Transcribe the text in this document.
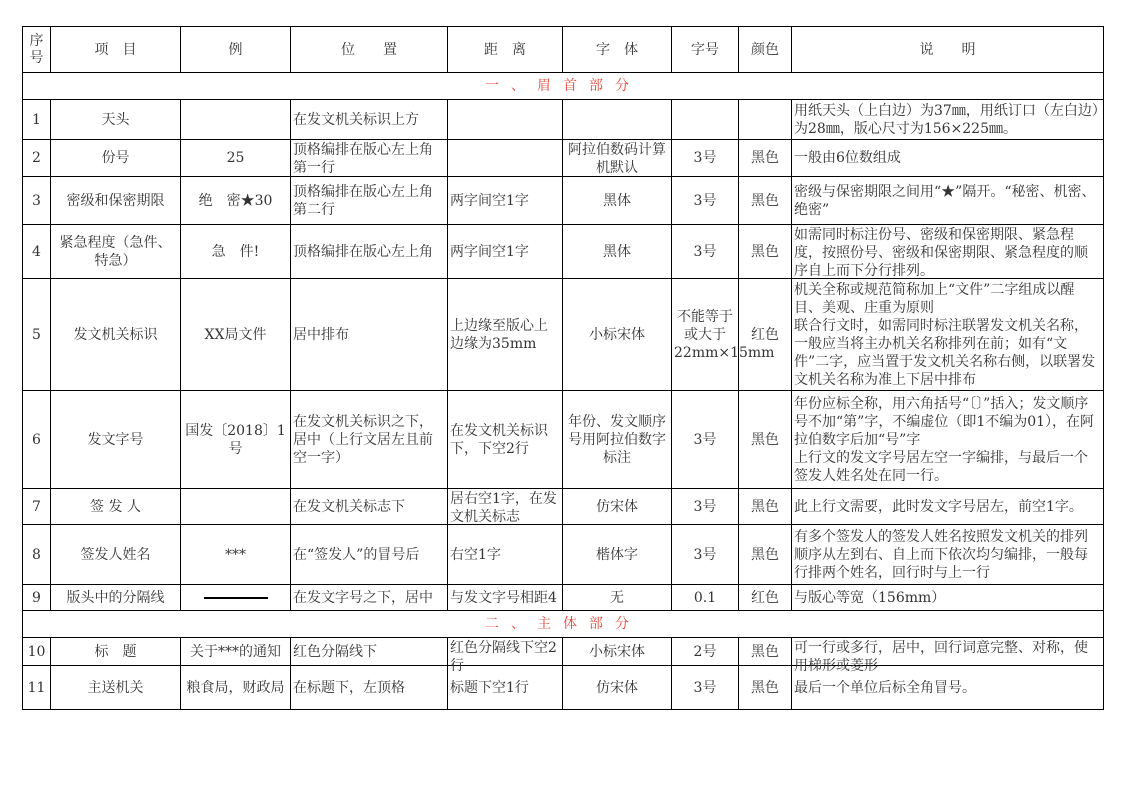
序号	项　目	例	位　　置	距　离	字　体	字号	颜色	说　　明

一、眉首部分								

1	天头		在发文机关标识上方					用纸天头（上白边）为37㎜，用纸订口（左白边）为28㎜，版心尺寸为156×225㎜。

2	份号	25	顶格编排在版心左上角第一行		阿拉伯数码计算机默认	3号	黑色	一般由6位数组成

3	密级和保密期限	绝　密★30	顶格编排在版心左上角第二行	两字间空1字	黑体	3号	黑色	密级与保密期限之间用“★”隔开。“秘密、机密、绝密”

4	紧急程度（急件、特急）	急　件!	顶格编排在版心左上角	两字间空1字	黑体	3号	黑色	如需同时标注份号、密级和保密期限、紧急程度，按照份号、密级和保密期限、紧急程度的顺序自上而下分行排列。

5	发文机关标识	XX局文件	居中排布	上边缘至版心上边缘为35mm	小标宋体	不能等于或大于22mm×15mm	红色	机关全称或规范简称加上“文件”二字组成以醒目、美观、庄重为原则
联合行文时，如需同时标注联署发文机关名称，一般应当将主办机关名称排列在前；如有“文件”二字，应当置于发文机关名称右侧，以联署发文机关名称为准上下居中排布

6	发文字号	国发〔2018〕1号	在发文机关标识之下，居中（上行文居左且前空一字）	在发文机关标识下，下空2行	年份、发文顺序号用阿拉伯数字标注	3号	黑色	年份应标全称，用六角括号“〔〕”括入；发文顺序号不加“第”字，不编虚位（即1不编为01），在阿拉伯数字后加“号”字
上行文的发文字号居左空一字编排，与最后一个签发人姓名处在同一行。

7	签 发 人		在发文机关标志下	居右空1字，在发文机关标志	仿宋体	3号	黑色	此上行文需要，此时发文字号居左，前空1字。

8	签发人姓名	***	在“签发人”的冒号后	右空1字	楷体字	3号	黑色	有多个签发人的签发人姓名按照发文机关的排列顺序从左到右、自上而下依次均匀编排，一般每行排两个姓名，回行时与上一行

9	版头中的分隔线		在发文字号之下，居中	与发文字号相距4	无	0.1	红色	与版心等宽（156mm）

二、主体部分								

10	标　题	关于***的通知	红色分隔线下	红色分隔线下空2行	小标宋体	2号	黑色	可一行或多行，居中，回行词意完整、对称，使用梯形或菱形

11	主送机关	粮食局，财政局	在标题下，左顶格	标题下空1行	仿宋体	3号	黑色	最后一个单位后标全角冒号。
